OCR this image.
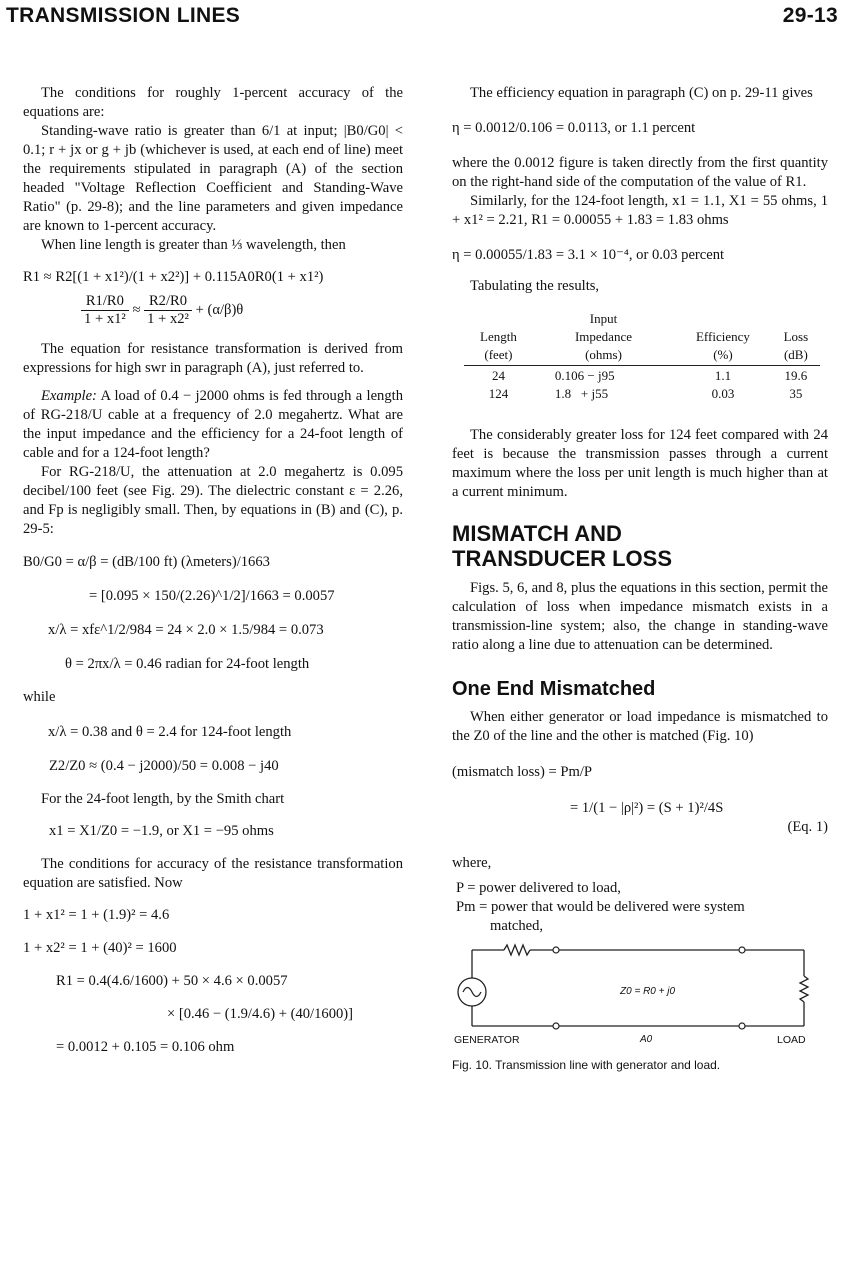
TRANSMISSION LINES	29-13

The conditions for roughly 1-percent accuracy of the equations are:

Standing-wave ratio is greater than 6/1 at input; |B0/G0| < 0.1; r + jx or g + jb (whichever is used, at each end of line) meet the requirements stipulated in paragraph (A) of the section headed "Voltage Reflection Coefficient and Standing-Wave Ratio" (p. 29-8); and the line parameters and given impedance are known to 1-percent accuracy.

When line length is greater than ⅓ wavelength, then

R1 ≈ R2[(1 + x1²)/(1 + x2²)] + 0.115A0R0(1 + x1²)

$\frac{R1/R0}{\text{1 + x1²}} \approx \frac{R2/R0}{\text{1 + x2²}} + (\alpha/\beta)\theta$

The equation for resistance transformation is derived from expressions for high swr in paragraph (A), just referred to.

Example: A load of 0.4 − j2000 ohms is fed through a length of RG-218/U cable at a frequency of 2.0 megahertz. What are the input impedance and the efficiency for a 24-foot length of cable and for a 124-foot length?

For RG-218/U, the attenuation at 2.0 megahertz is 0.095 decibel/100 feet (see Fig. 29). The dielectric constant ε = 2.26, and Fp is negligibly small. Then, by equations in (B) and (C), p. 29-5:

B0/G0 = α/β = (dB/100 ft) (λmeters)/1663

= [0.095 × 150/(2.26)^1/2]/1663 = 0.0057

x/λ = xfε^1/2/984 = 24 × 2.0 × 1.5/984 = 0.073

θ = 2πx/λ = 0.46 radian for 24-foot length

while

x/λ = 0.38 and θ = 2.4 for 124-foot length

Z2/Z0 ≈ (0.4 − j2000)/50 = 0.008 − j40

For the 24-foot length, by the Smith chart

x1 = X1/Z0 = −1.9, or X1 = −95 ohms

The conditions for accuracy of the resistance transformation equation are satisfied. Now

1 + x1² = 1 + (1.9)² = 4.6

1 + x2² = 1 + (40)² = 1600

R1 = 0.4(4.6/1600) + 50 × 4.6 × 0.0057

× [0.46 − (1.9/4.6) + (40/1600)]

= 0.0012 + 0.105 = 0.106 ohm

The efficiency equation in paragraph (C) on p. 29-11 gives

η = 0.0012/0.106 = 0.0113, or 1.1 percent

where the 0.0012 figure is taken directly from the first quantity on the right-hand side of the computation of the value of R1.

Similarly, for the 124-foot length, x1 = 1.1, X1 = 55 ohms, 1 + x1² = 2.21, R1 = 0.00055 + 1.83 = 1.83 ohms

η = 0.00055/1.83 = 3.1 × 10⁻⁴, or 0.03 percent

Tabulating the results,

	Input		
Length	Impedance	Efficiency	Loss
(feet)	(ohms)	(%)	(dB)
24	0.106 − j95	1.1	19.6
124	1.8   + j55	0.03	35

The considerably greater loss for 124 feet compared with 24 feet is because the transmission passes through a current maximum where the loss per unit length is much higher than at a current minimum.

MISMATCH AND

TRANSDUCER LOSS

Figs. 5, 6, and 8, plus the equations in this section, permit the calculation of loss when impedance mismatch exists in a transmission-line system; also, the change in standing-wave ratio along a line due to attenuation can be determined.

One End Mismatched

When either generator or load impedance is mismatched to the Z0 of the line and the other is matched (Fig. 10)

(mismatch loss) = Pm/P

= 1/(1 − |ρ|²) = (S + 1)²/4S

(Eq. 1)

where,

P = power delivered to load,

Pm = power that would be delivered were system

matched,

Z0 = R0 + j0
A0
GENERATOR	LOAD

Fig. 10. Transmission line with generator and load.
